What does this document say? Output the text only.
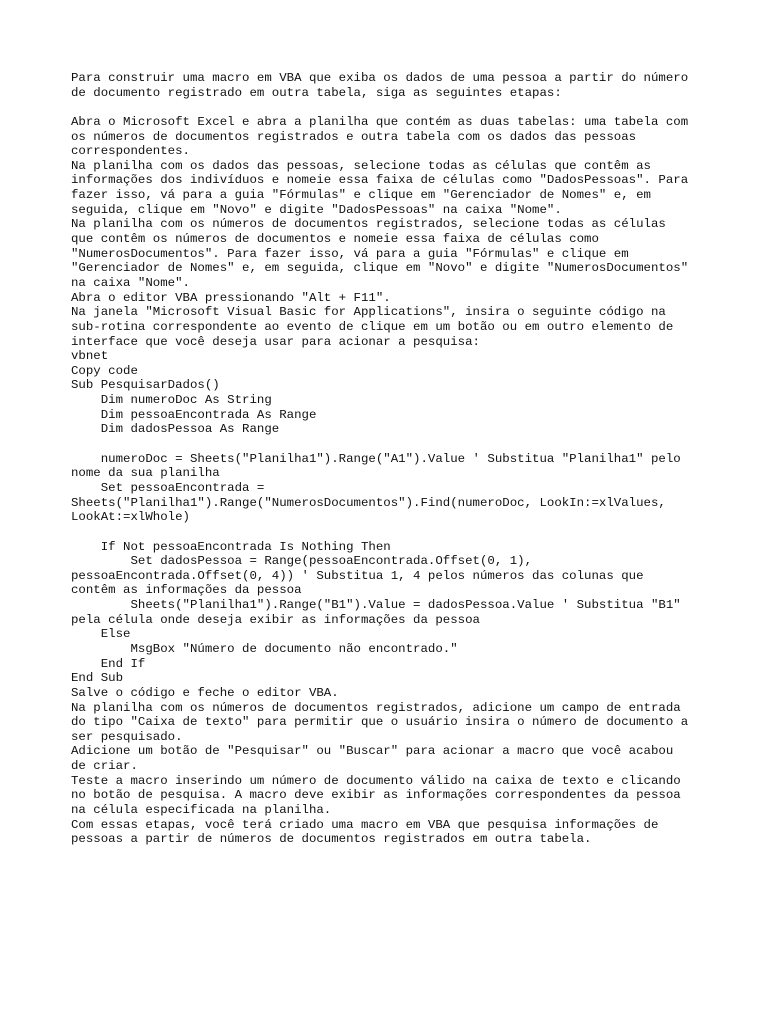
Para construir uma macro em VBA que exiba os dados de uma pessoa a partir do número
de documento registrado em outra tabela, siga as seguintes etapas:
Abra o Microsoft Excel e abra a planilha que contém as duas tabelas: uma tabela com
os números de documentos registrados e outra tabela com os dados das pessoas
correspondentes.
Na planilha com os dados das pessoas, selecione todas as células que contêm as
informações dos indivíduos e nomeie essa faixa de células como "DadosPessoas". Para
fazer isso, vá para a guia "Fórmulas" e clique em "Gerenciador de Nomes" e, em
seguida, clique em "Novo" e digite "DadosPessoas" na caixa "Nome".
Na planilha com os números de documentos registrados, selecione todas as células
que contêm os números de documentos e nomeie essa faixa de células como
"NumerosDocumentos". Para fazer isso, vá para a guia "Fórmulas" e clique em
"Gerenciador de Nomes" e, em seguida, clique em "Novo" e digite "NumerosDocumentos"
na caixa "Nome".
Abra o editor VBA pressionando "Alt + F11".
Na janela "Microsoft Visual Basic for Applications", insira o seguinte código na
sub-rotina correspondente ao evento de clique em um botão ou em outro elemento de
interface que você deseja usar para acionar a pesquisa:
vbnet
Copy code
Sub PesquisarDados()
Dim numeroDoc As String
Dim pessoaEncontrada As Range
Dim dadosPessoa As Range
numeroDoc = Sheets("Planilha1").Range("A1").Value ' Substitua "Planilha1" pelo
nome da sua planilha
Set pessoaEncontrada =
Sheets("Planilha1").Range("NumerosDocumentos").Find(numeroDoc, LookIn:=xlValues,
LookAt:=xlWhole)
If Not pessoaEncontrada Is Nothing Then
Set dadosPessoa = Range(pessoaEncontrada.Offset(0, 1),
pessoaEncontrada.Offset(0, 4)) ' Substitua 1, 4 pelos números das colunas que
contêm as informações da pessoa
Sheets("Planilha1").Range("B1").Value = dadosPessoa.Value ' Substitua "B1"
pela célula onde deseja exibir as informações da pessoa
Else
MsgBox "Número de documento não encontrado."
End If
End Sub
Salve o código e feche o editor VBA.
Na planilha com os números de documentos registrados, adicione um campo de entrada
do tipo "Caixa de texto" para permitir que o usuário insira o número de documento a
ser pesquisado.
Adicione um botão de "Pesquisar" ou "Buscar" para acionar a macro que você acabou
de criar.
Teste a macro inserindo um número de documento válido na caixa de texto e clicando
no botão de pesquisa. A macro deve exibir as informações correspondentes da pessoa
na célula especificada na planilha.
Com essas etapas, você terá criado uma macro em VBA que pesquisa informações de
pessoas a partir de números de documentos registrados em outra tabela.
